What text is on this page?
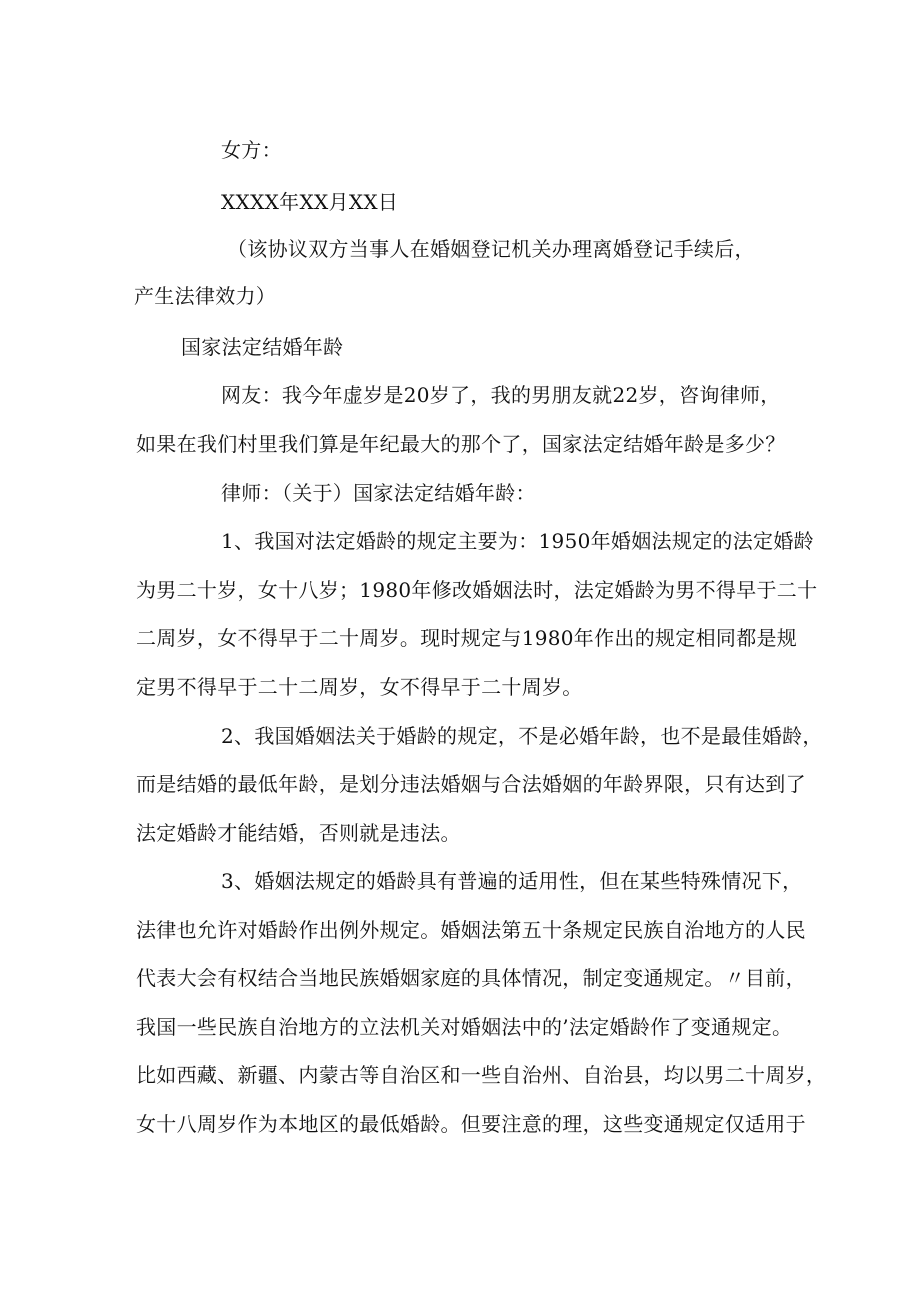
女方：
XXXX年XX月XX日
（该协议双方当事人在婚姻登记机关办理离婚登记手续后，
产生法律效力）
国家法定结婚年龄
网友：我今年虚岁是20岁了，我的男朋友就22岁，咨询律师，
如果在我们村里我们算是年纪最大的那个了，国家法定结婚年龄是多少？
律师：（关于）国家法定结婚年龄：
1、我国对法定婚龄的规定主要为：1950年婚姻法规定的法定婚龄
为男二十岁，女十八岁；1980年修改婚姻法时，法定婚龄为男不得早于二十
二周岁，女不得早于二十周岁。现时规定与1980年作出的规定相同都是规
定男不得早于二十二周岁，女不得早于二十周岁。
2、我国婚姻法关于婚龄的规定，不是必婚年龄，也不是最佳婚龄，
而是结婚的最低年龄，是划分违法婚姻与合法婚姻的年龄界限，只有达到了
法定婚龄才能结婚，否则就是违法。
3、婚姻法规定的婚龄具有普遍的适用性，但在某些特殊情况下，
法律也允许对婚龄作出例外规定。婚姻法第五十条规定民族自治地方的人民
代表大会有权结合当地民族婚姻家庭的具体情况，制定变通规定。〃目前，
我国一些民族自治地方的立法机关对婚姻法中的’法定婚龄作了变通规定。
比如西藏、新疆、内蒙古等自治区和一些自治州、自治县，均以男二十周岁，
女十八周岁作为本地区的最低婚龄。但要注意的理，这些变通规定仅适用于
